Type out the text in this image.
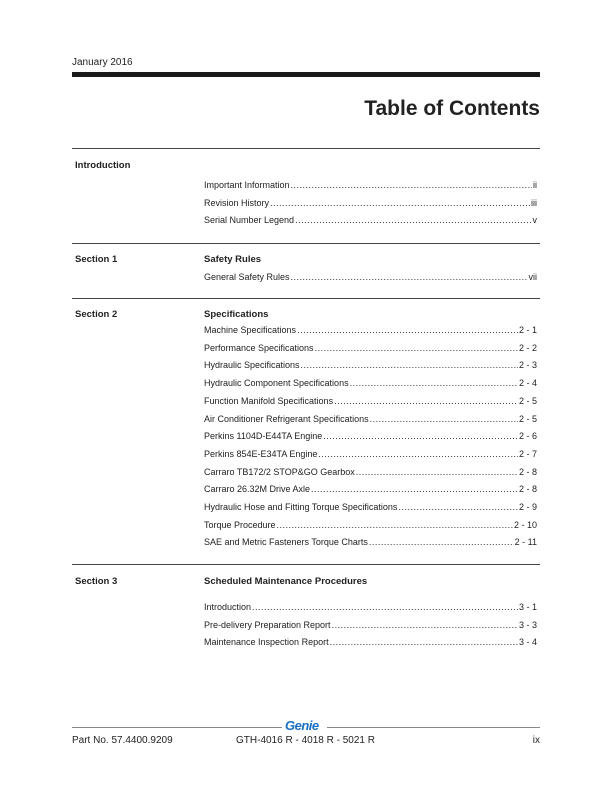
January 2016
Table of Contents
Introduction
Important Information .....	ii
Revision History .....	iii
Serial Number Legend .....	v
Section 1	Safety Rules
General Safety Rules .....	vii
Section 2	Specifications
Machine Specifications .....	2 - 1
Performance Specifications .....	2 - 2
Hydraulic Specifications .....	2 - 3
Hydraulic Component Specifications .....	2 - 4
Function Manifold Specifications .....	2 - 5
Air Conditioner Refrigerant Specifications .....	2 - 5
Perkins 1104D-E44TA Engine .....	2 - 6
Perkins 854E-E34TA Engine .....	2 - 7
Carraro TB172/2 STOP&GO Gearbox .....	2 - 8
Carraro 26.32M Drive Axle .....	2 - 8
Hydraulic Hose and Fitting Torque Specifications .....	2 - 9
Torque Procedure .....	2 - 10
SAE and Metric Fasteners Torque Charts .....	2 - 11
Section 3	Scheduled Maintenance Procedures
Introduction .....	3 - 1
Pre-delivery Preparation Report .....	3 - 3
Maintenance Inspection Report .....	3 - 4
Genie
Part No. 57.4400.9209	GTH-4016 R - 4018 R - 5021 R	ix
